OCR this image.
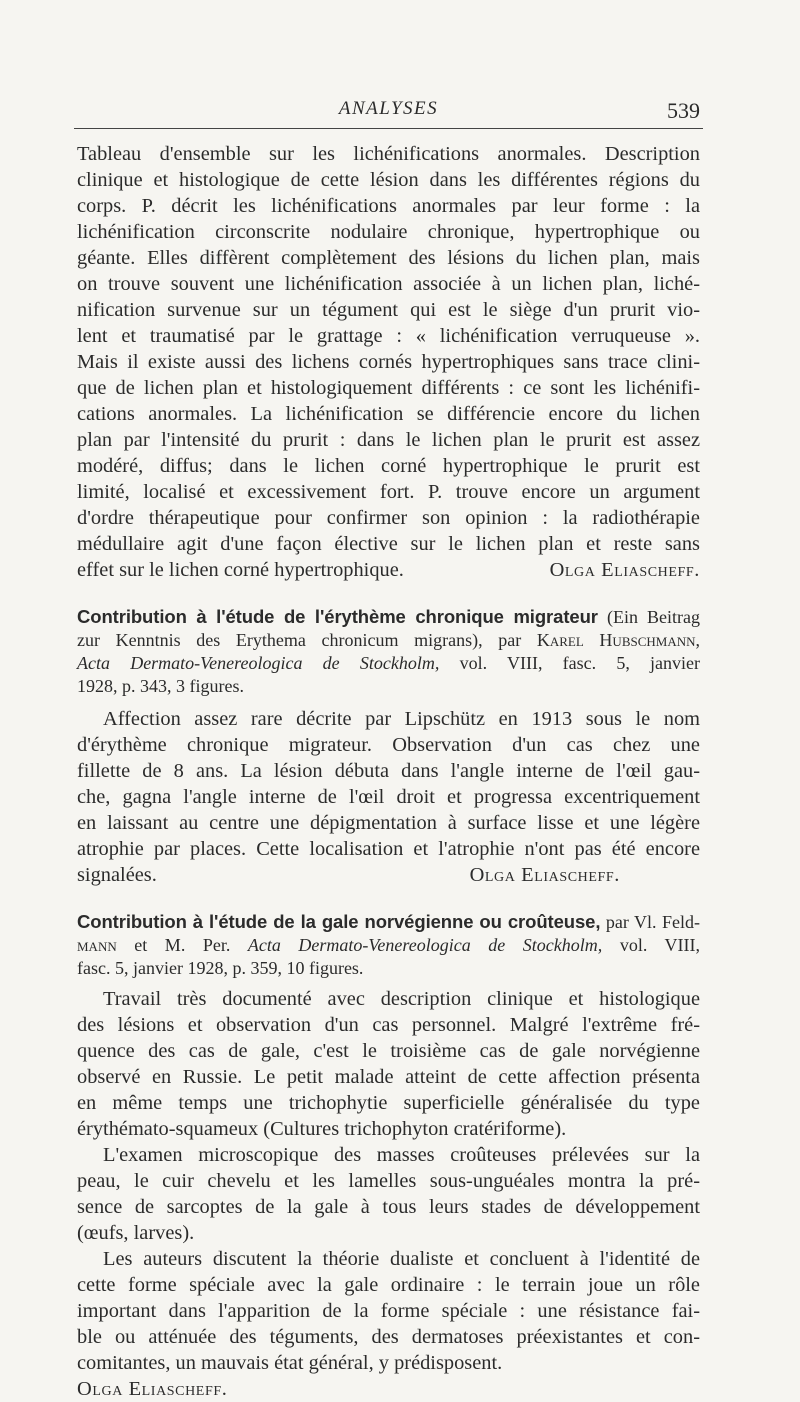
ANALYSES	539

Tableau d'ensemble sur les lichénifications anormales. Description

clinique et histologique de cette lésion dans les différentes régions du

corps. P. décrit les lichénifications anormales par leur forme : la

lichénification circonscrite nodulaire chronique, hypertrophique ou

géante. Elles diffèrent complètement des lésions du lichen plan, mais

on trouve souvent une lichénification associée à un lichen plan, liché-

nification survenue sur un tégument qui est le siège d'un prurit vio-

lent et traumatisé par le grattage : « lichénification verruqueuse ».

Mais il existe aussi des lichens cornés hypertrophiques sans trace clini-

que de lichen plan et histologiquement différents : ce sont les lichénifi-

cations anormales. La lichénification se différencie encore du lichen

plan par l'intensité du prurit : dans le lichen plan le prurit est assez

modéré, diffus; dans le lichen corné hypertrophique le prurit est

limité, localisé et excessivement fort. P. trouve encore un argument

d'ordre thérapeutique pour confirmer son opinion : la radiothérapie

médullaire agit d'une façon élective sur le lichen plan et reste sans

effet sur le lichen corné hypertrophique.	Olga Eliascheff.

Contribution à l'étude de l'érythème chronique migrateur (Ein Beitrag

zur Kenntnis des Erythema chronicum migrans), par Karel Hubschmann,

Acta Dermato-Venereologica de Stockholm, vol. VIII, fasc. 5, janvier

1928, p. 343, 3 figures.

Affection assez rare décrite par Lipschütz en 1913 sous le nom

d'érythème chronique migrateur. Observation d'un cas chez une

fillette de 8 ans. La lésion débuta dans l'angle interne de l'œil gau-

che, gagna l'angle interne de l'œil droit et progressa excentriquement

en laissant au centre une dépigmentation à surface lisse et une légère

atrophie par places. Cette localisation et l'atrophie n'ont pas été encore

signalées.	Olga Eliascheff.

Contribution à l'étude de la gale norvégienne ou croûteuse, par Vl. Feld-

mann et M. Per. Acta Dermato-Venereologica de Stockholm, vol. VIII,

fasc. 5, janvier 1928, p. 359, 10 figures.

Travail très documenté avec description clinique et histologique

des lésions et observation d'un cas personnel. Malgré l'extrême fré-

quence des cas de gale, c'est le troisième cas de gale norvégienne

observé en Russie. Le petit malade atteint de cette affection présenta

en même temps une trichophytie superficielle généralisée du type

érythémato-squameux (Cultures trichophyton cratériforme).

L'examen microscopique des masses croûteuses prélevées sur la

peau, le cuir chevelu et les lamelles sous-unguéales montra la pré-

sence de sarcoptes de la gale à tous leurs stades de développement

(œufs, larves).

Les auteurs discutent la théorie dualiste et concluent à l'identité de

cette forme spéciale avec la gale ordinaire : le terrain joue un rôle

important dans l'apparition de la forme spéciale : une résistance fai-

ble ou atténuée des téguments, des dermatoses préexistantes et con-

comitantes, un mauvais état général, y prédisposent.

Olga Eliascheff.
